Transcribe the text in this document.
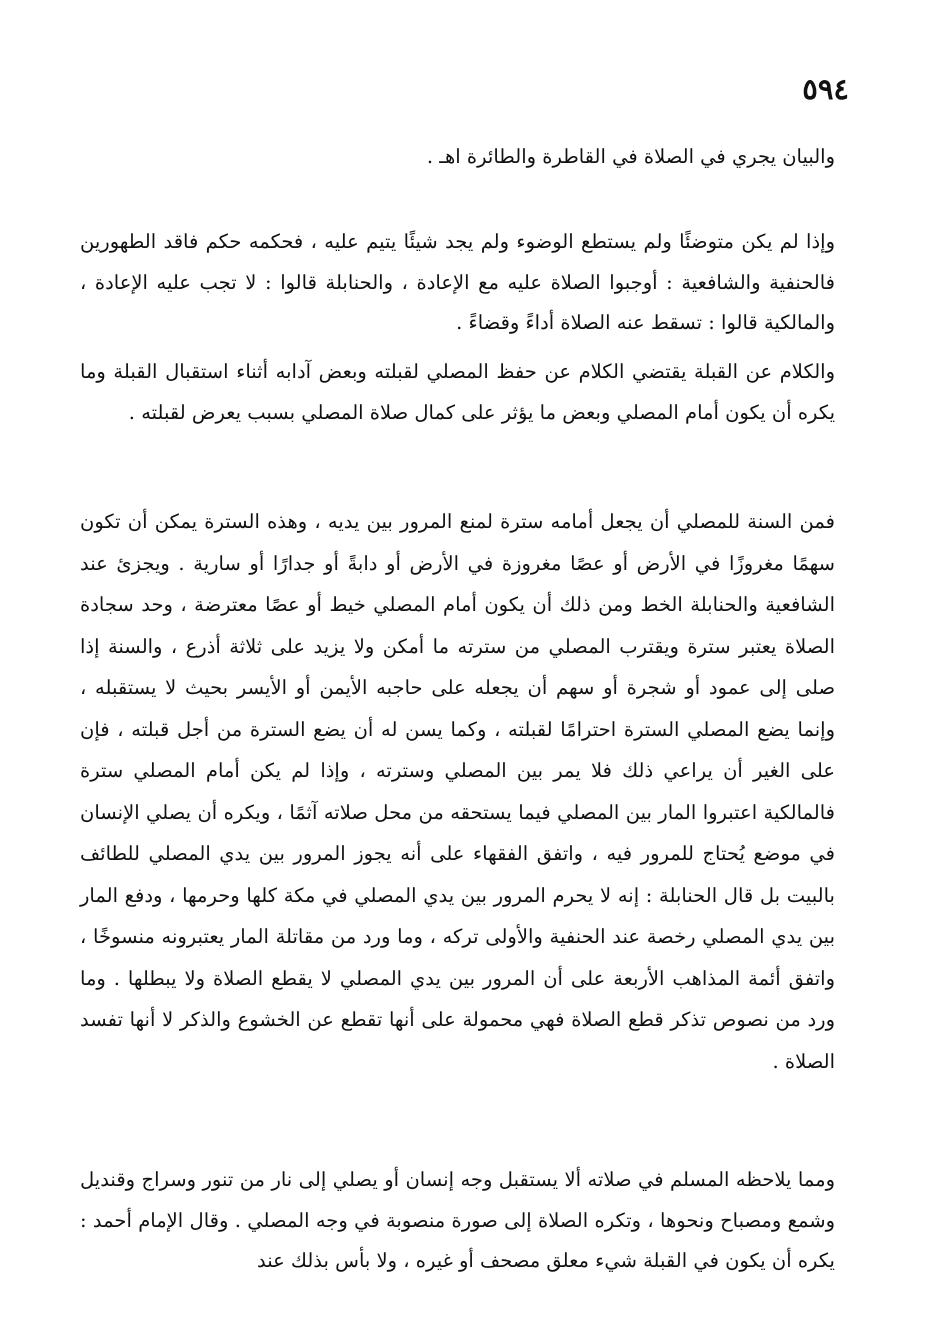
٥٩٤

والبيان يجري في الصلاة في القاطرة والطائرة اهـ .

وإذا لم يكن متوضئًا ولم يستطع الوضوء ولم يجد شيئًا يتيم عليه ، فحكمه حكم فاقد الطهورين فالحنفية والشافعية : أوجبوا الصلاة عليه مع الإعادة ، والحنابلة قالوا : لا تجب عليه الإعادة ، والمالكية قالوا : تسقط عنه الصلاة أداءً وقضاءً .

والكلام عن القبلة يقتضي الكلام عن حفظ المصلي لقبلته وبعض آدابه أثناء استقبال القبلة وما يكره أن يكون أمام المصلي وبعض ما يؤثر على كمال صلاة المصلي بسبب يعرض لقبلته .

فمن السنة للمصلي أن يجعل أمامه سترة لمنع المرور بين يديه ، وهذه السترة يمكن أن تكون سهمًا مغروزًا في الأرض أو عصًا مغروزة في الأرض أو دابةً أو جدارًا أو سارية . ويجزئ عند الشافعية والحنابلة الخط ومن ذلك أن يكون أمام المصلي خيط أو عصًا معترضة ، وحد سجادة الصلاة يعتبر سترة ويقترب المصلي من سترته ما أمكن ولا يزيد على ثلاثة أذرع ، والسنة إذا صلى إلى عمود أو شجرة أو سهم أن يجعله على حاجبه الأيمن أو الأيسر بحيث لا يستقبله ، وإنما يضع المصلي السترة احترامًا لقبلته ، وكما يسن له أن يضع السترة من أجل قبلته ، فإن على الغير أن يراعي ذلك فلا يمر بين المصلي وسترته ، وإذا لم يكن أمام المصلي سترة فالمالكية اعتبروا المار بين المصلي فيما يستحقه من محل صلاته آثمًا ، ويكره أن يصلي الإنسان في موضع يُحتاج للمرور فيه ، واتفق الفقهاء على أنه يجوز المرور بين يدي المصلي للطائف بالبيت بل قال الحنابلة : إنه لا يحرم المرور بين يدي المصلي في مكة كلها وحرمها ، ودفع المار بين يدي المصلي رخصة عند الحنفية والأولى تركه ، وما ورد من مقاتلة المار يعتبرونه منسوخًا ، واتفق أئمة المذاهب الأربعة على أن المرور بين يدي المصلي لا يقطع الصلاة ولا يبطلها . وما ورد من نصوص تذكر قطع الصلاة فهي محمولة على أنها تقطع عن الخشوع والذكر لا أنها تفسد الصلاة .

ومما يلاحظه المسلم في صلاته ألا يستقبل وجه إنسان أو يصلي إلى نار من تنور وسراج وقنديل وشمع ومصباح ونحوها ، وتكره الصلاة إلى صورة منصوبة في وجه المصلي . وقال الإمام أحمد : يكره أن يكون في القبلة شيء معلق مصحف أو غيره ، ولا بأس بذلك عند
